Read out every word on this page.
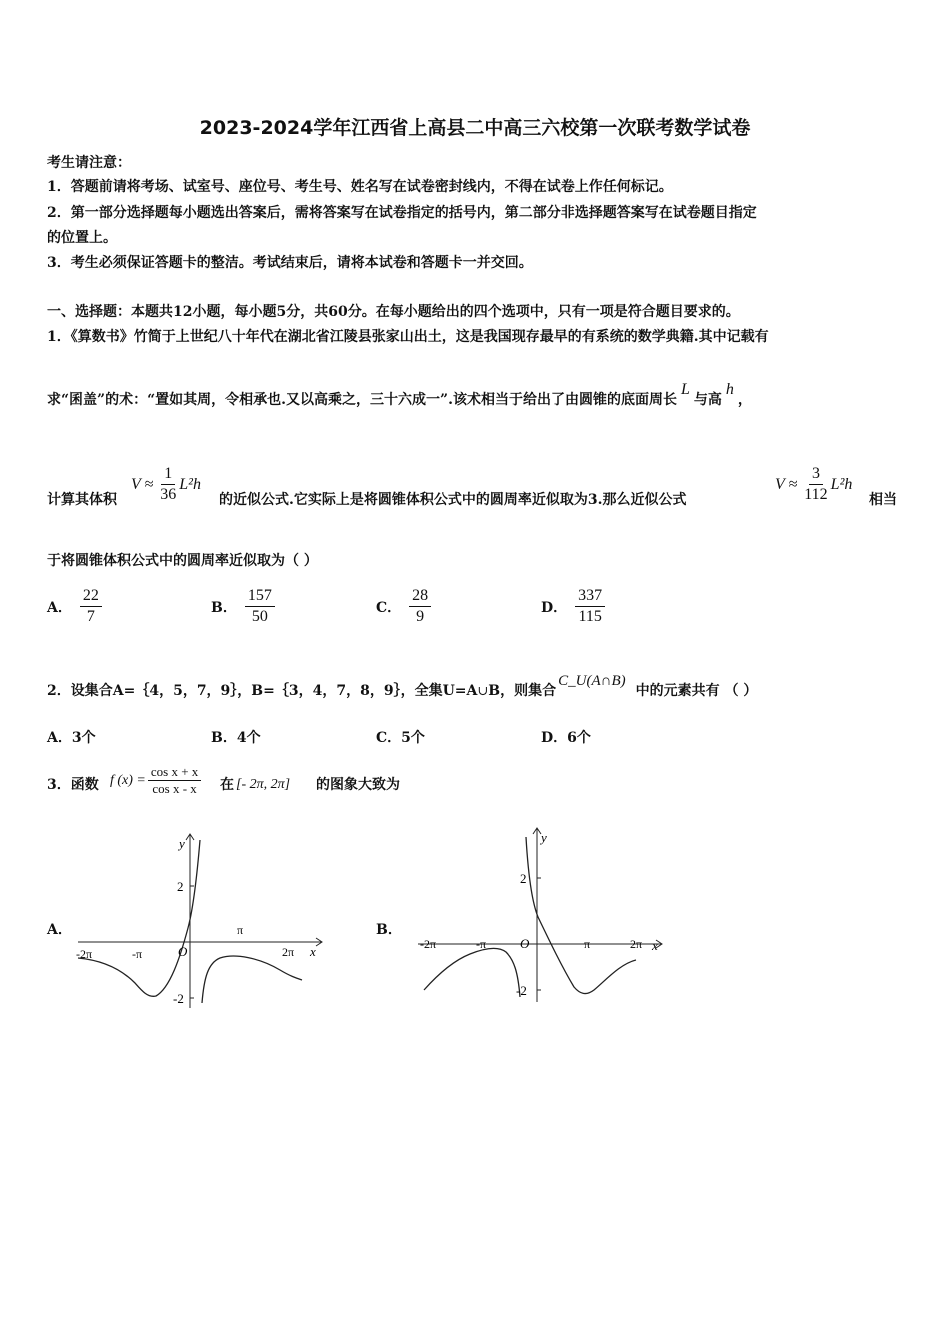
2023-2024学年江西省上高县二中高三六校第一次联考数学试卷
考生请注意：
1．答题前请将考场、试室号、座位号、考生号、姓名写在试卷密封线内，不得在试卷上作任何标记。
2．第一部分选择题每小题选出答案后，需将答案写在试卷指定的括号内，第二部分非选择题答案写在试卷题目指定
的位置上。
3．考生必须保证答题卡的整洁。考试结束后，请将本试卷和答题卡一并交回。
一、选择题：本题共12小题，每小题5分，共60分。在每小题给出的四个选项中，只有一项是符合题目要求的。
1．《算数书》竹简于上世纪八十年代在湖北省江陵县张家山出土，这是我国现存最早的有系统的数学典籍.其中记载有
求“囷盖”的术：“置如其周，令相承也.又以高乘之，三十六成一”.该术相当于给出了由圆锥的底面周长L与高h，
计算其体积
$V \approx \frac{1}{36} L^2h$
的近似公式.它实际上是将圆锥体积公式中的圆周率近似取为3.那么近似公式
$V \approx \frac{3}{112} L^2h$
相当
于将圆锥体积公式中的圆周率近似取为（ ）
A． $\frac{22}{7}$	B． $\frac{157}{50}$	C． $\frac{28}{9}$	D． $\frac{337}{115}$
2．设集合A=｛4，5，7，9｝，B=｛3，4，7，8，9｝，全集U=A∪B，则集合C_U(A∩B)中的元素共有 （ ）
A．3个	B．4个	C．5个	D．6个
3．函数 f $(x) = \frac{\text{cos x + x}}{\text{cos x - x}}$ 在 [- 2π, 2π] 的图象大致为
A．
y
x
O
2
-2
π
2π
-π
-2π
B．
y
x
O
2
-2
π	2π
-π
-2π
